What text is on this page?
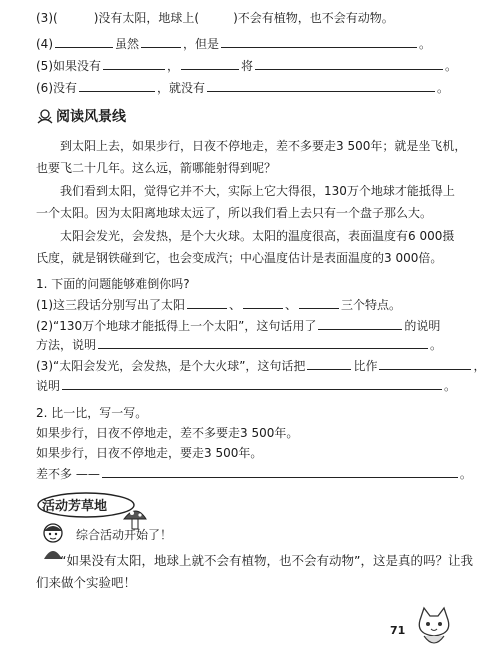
(3)(	)没有太阳，地球上(	)不会有植物，也不会有动物。
(4)	虽然	，但是	。
(5)如果没有	，	将	。
(6)没有	，就没有	。
阅读风景线
到太阳上去，如果步行，日夜不停地走，差不多要走3 500年；就是坐飞机，
也要飞二十几年。这么远，箭哪能射得到呢？
我们看到太阳，觉得它并不大，实际上它大得很，130万个地球才能抵得上
一个太阳。因为太阳离地球太远了，所以我们看上去只有一个盘子那么大。
太阳会发光，会发热，是个大火球。太阳的温度很高，表面温度有6 000摄
氏度，就是钢铁碰到它，也会变成汽；中心温度估计是表面温度的3 000倍。
1. 下面的问题能够难倒你吗?
(1)这三段话分别写出了太阳	、	、	三个特点。
(2)“130万个地球才能抵得上一个太阳”，这句话用了	的说明
方法，说明	。
(3)“太阳会发光，会发热，是个大火球”，这句话把	比作	，
说明	。
2. 比一比，写一写。
如果步行，日夜不停地走，差不多要走3 500年。
如果步行，日夜不停地走，要走3 500年。
差不多 ——	。
活动芳草地
综合活动开始了！
“如果没有太阳，地球上就不会有植物，也不会有动物”，这是真的吗？让我
们来做个实验吧！
71
